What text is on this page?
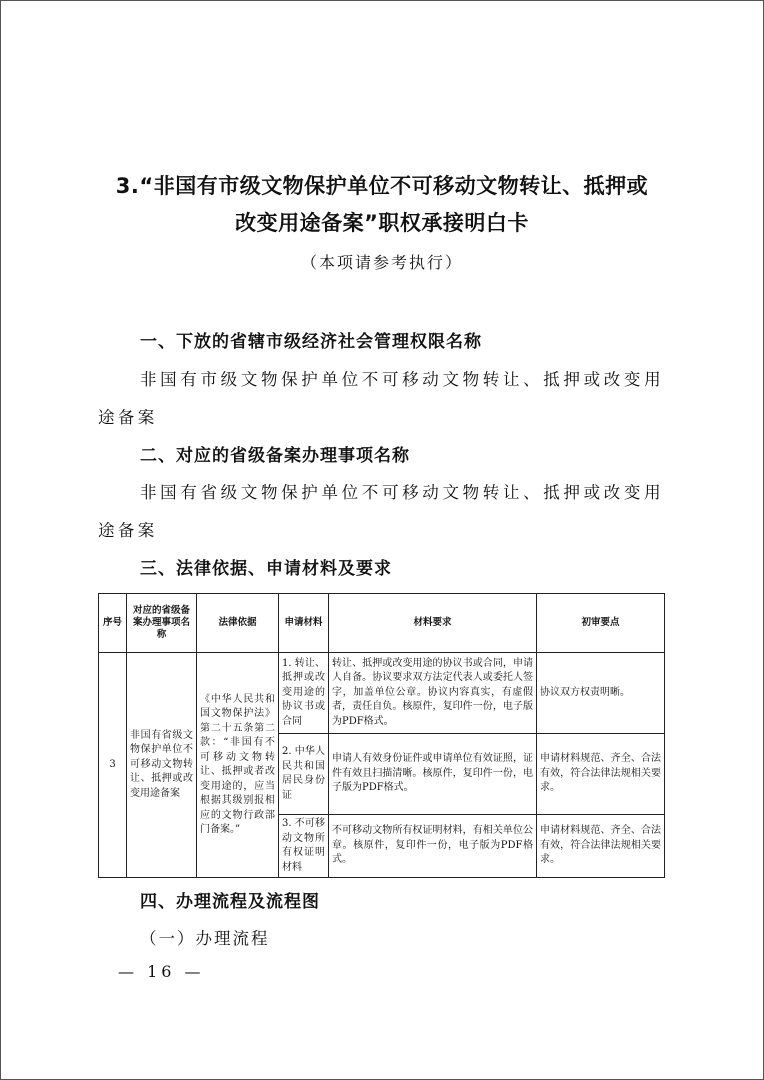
3.“非国有市级文物保护单位不可移动文物转让、抵押或
改变用途备案”职权承接明白卡
（本项请参考执行）
一、下放的省辖市级经济社会管理权限名称
非国有市级文物保护单位不可移动文物转让、抵押或改变用途备案
二、对应的省级备案办理事项名称
非国有省级文物保护单位不可移动文物转让、抵押或改变用途备案
三、法律依据、申请材料及要求
序号	对应的省级备案办理事项名称	法律依据	申请材料	材料要求	初审要点
3	非国有省级文物保护单位不可移动文物转让、抵押或改变用途备案	《中华人民共和国文物保护法》第二十五条第二款：“非国有不可移动文物转让、抵押或者改变用途的，应当根据其级别报相应的文物行政部门备案。”	1. 转让、抵押或改变用途的协议书或合同	转让、抵押或改变用途的协议书或合同，申请人自备。协议要求双方法定代表人或委托人签字，加盖单位公章。协议内容真实，有虚假者，责任自负。核原件，复印件一份，电子版为PDF格式。	协议双方权责明晰。
			2. 中华人民共和国居民身份证	申请人有效身份证件或申请单位有效证照，证件有效且扫描清晰。核原件，复印件一份，电子版为PDF格式。	申请材料规范、齐全、合法有效，符合法律法规相关要求。
			3. 不可移动文物所有权证明材料	不可移动文物所有权证明材料，有相关单位公章。核原件，复印件一份，电子版为PDF格式。	申请材料规范、齐全、合法有效，符合法律法规相关要求。
四、办理流程及流程图
（一）办理流程
— 16 —
